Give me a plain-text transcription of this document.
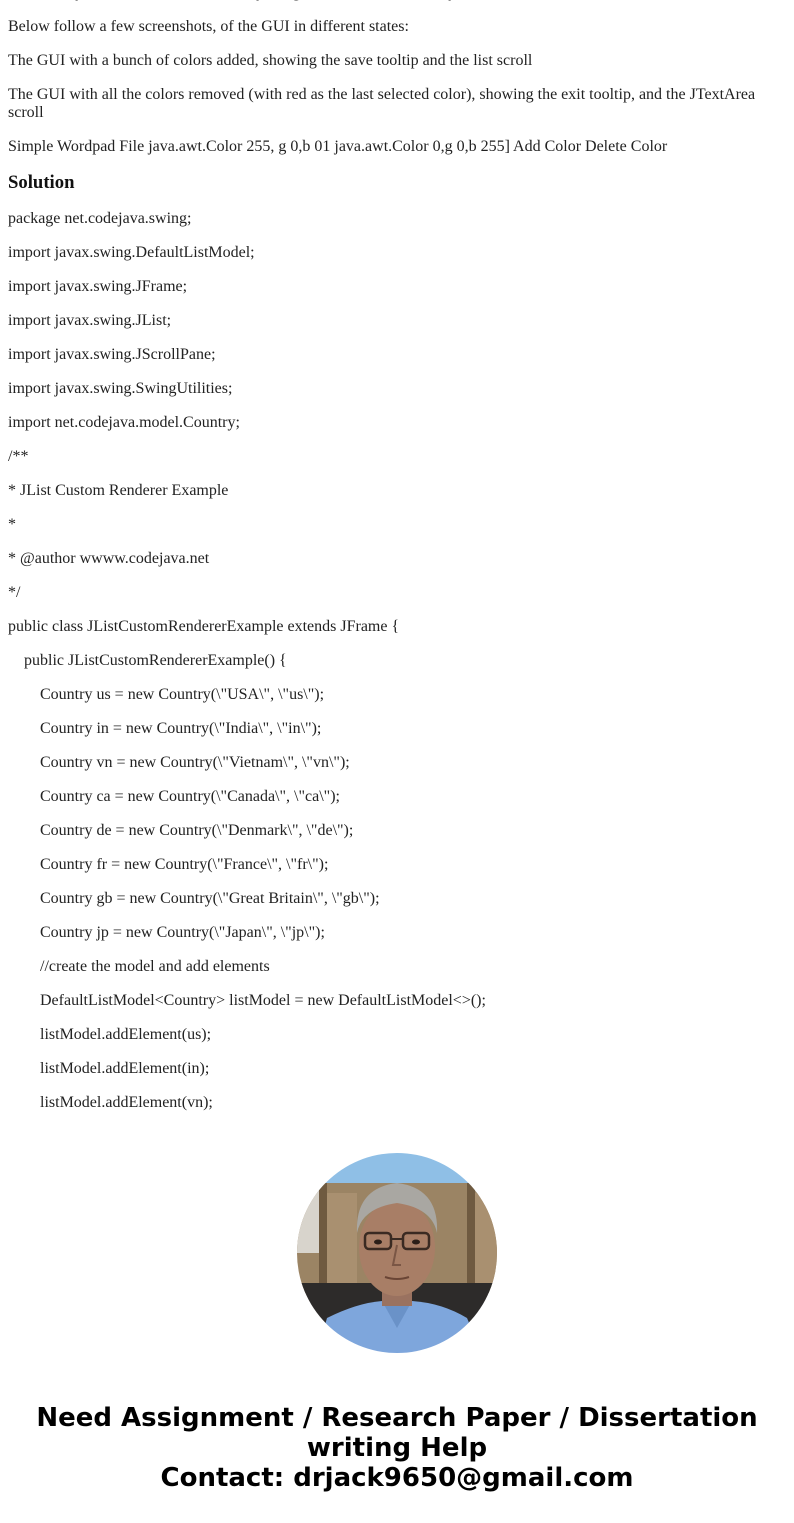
Below follow a few screenshots, of the GUI in different states:

The GUI with a bunch of colors added, showing the save tooltip and the list scroll

The GUI with all the colors removed (with red as the last selected color), showing the exit tooltip, and the JTextArea scroll

Simple Wordpad File java.awt.Color 255, g 0,b 01 java.awt.Color 0,g 0,b 255] Add Color Delete Color

Solution
package net.codejava.swing;
import javax.swing.DefaultListModel;
import javax.swing.JFrame;
import javax.swing.JList;
import javax.swing.JScrollPane;
import javax.swing.SwingUtilities;
import net.codejava.model.Country;
/**
* JList Custom Renderer Example
*
* @author wwww.codejava.net
*/
public class JListCustomRendererExample extends JFrame {
public JListCustomRendererExample() {
Country us = new Country(\"USA\", \"us\");
Country in = new Country(\"India\", \"in\");
Country vn = new Country(\"Vietnam\", \"vn\");
Country ca = new Country(\"Canada\", \"ca\");
Country de = new Country(\"Denmark\", \"de\");
Country fr = new Country(\"France\", \"fr\");
Country gb = new Country(\"Great Britain\", \"gb\");
Country jp = new Country(\"Japan\", \"jp\");
//create the model and add elements
DefaultListModel<Country> listModel = new DefaultListModel<>();
listModel.addElement(us);
listModel.addElement(in);
listModel.addElement(vn);
Need Assignment / Research Paper / Dissertation
writing Help
Contact: drjack9650@gmail.com
